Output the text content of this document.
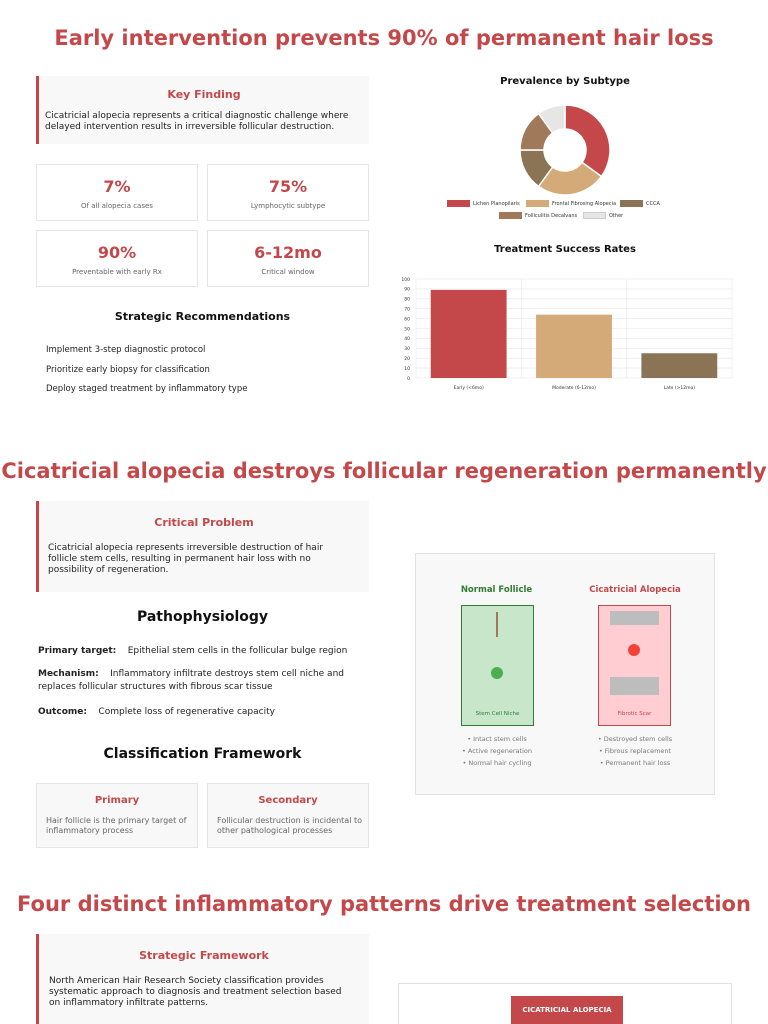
Early intervention prevents 90% of permanent hair loss
Key Finding
Cicatricial alopecia represents a critical diagnostic challenge where delayed intervention results in irreversible follicular destruction.
7%
Of all alopecia cases
75%
Lymphocytic subtype
90%
Preventable with early Rx
6-12mo
Critical window
Strategic Recommendations
Implement 3-step diagnostic protocol
Prioritize early biopsy for classification
Deploy staged treatment by inflammatory type
Prevalence by Subtype
Lichen Planopilaris	Frontal Fibrosing Alopecia	CCCA
Folliculitis Decalvans	Other
Treatment Success Rates
0
10
20
30
40
50
60
70
80
90
100
Early (<6mo)	Moderate (6-12mo)	Late (>12mo)
Cicatricial alopecia destroys follicular regeneration permanently
Critical Problem
Cicatricial alopecia represents irreversible destruction of hair follicle stem cells, resulting in permanent hair loss with no possibility of regeneration.
Pathophysiology
Primary target: Epithelial stem cells in the follicular bulge region
Mechanism: Inflammatory infiltrate destroys stem cell niche and replaces follicular structures with fibrous scar tissue
Outcome: Complete loss of regenerative capacity
Classification Framework
Primary
Hair follicle is the primary target of inflammatory process
Secondary
Follicular destruction is incidental to other pathological processes
Normal Follicle	Cicatricial Alopecia
Stem Cell Niche	Fibrotic Scar
• Intact stem cells
• Active regeneration
• Normal hair cycling
• Destroyed stem cells
• Fibrous replacement
• Permanent hair loss
Four distinct inflammatory patterns drive treatment selection
Strategic Framework
North American Hair Research Society classification provides systematic approach to diagnosis and treatment selection based on inflammatory infiltrate patterns.
CICATRICIAL ALOPECIA
